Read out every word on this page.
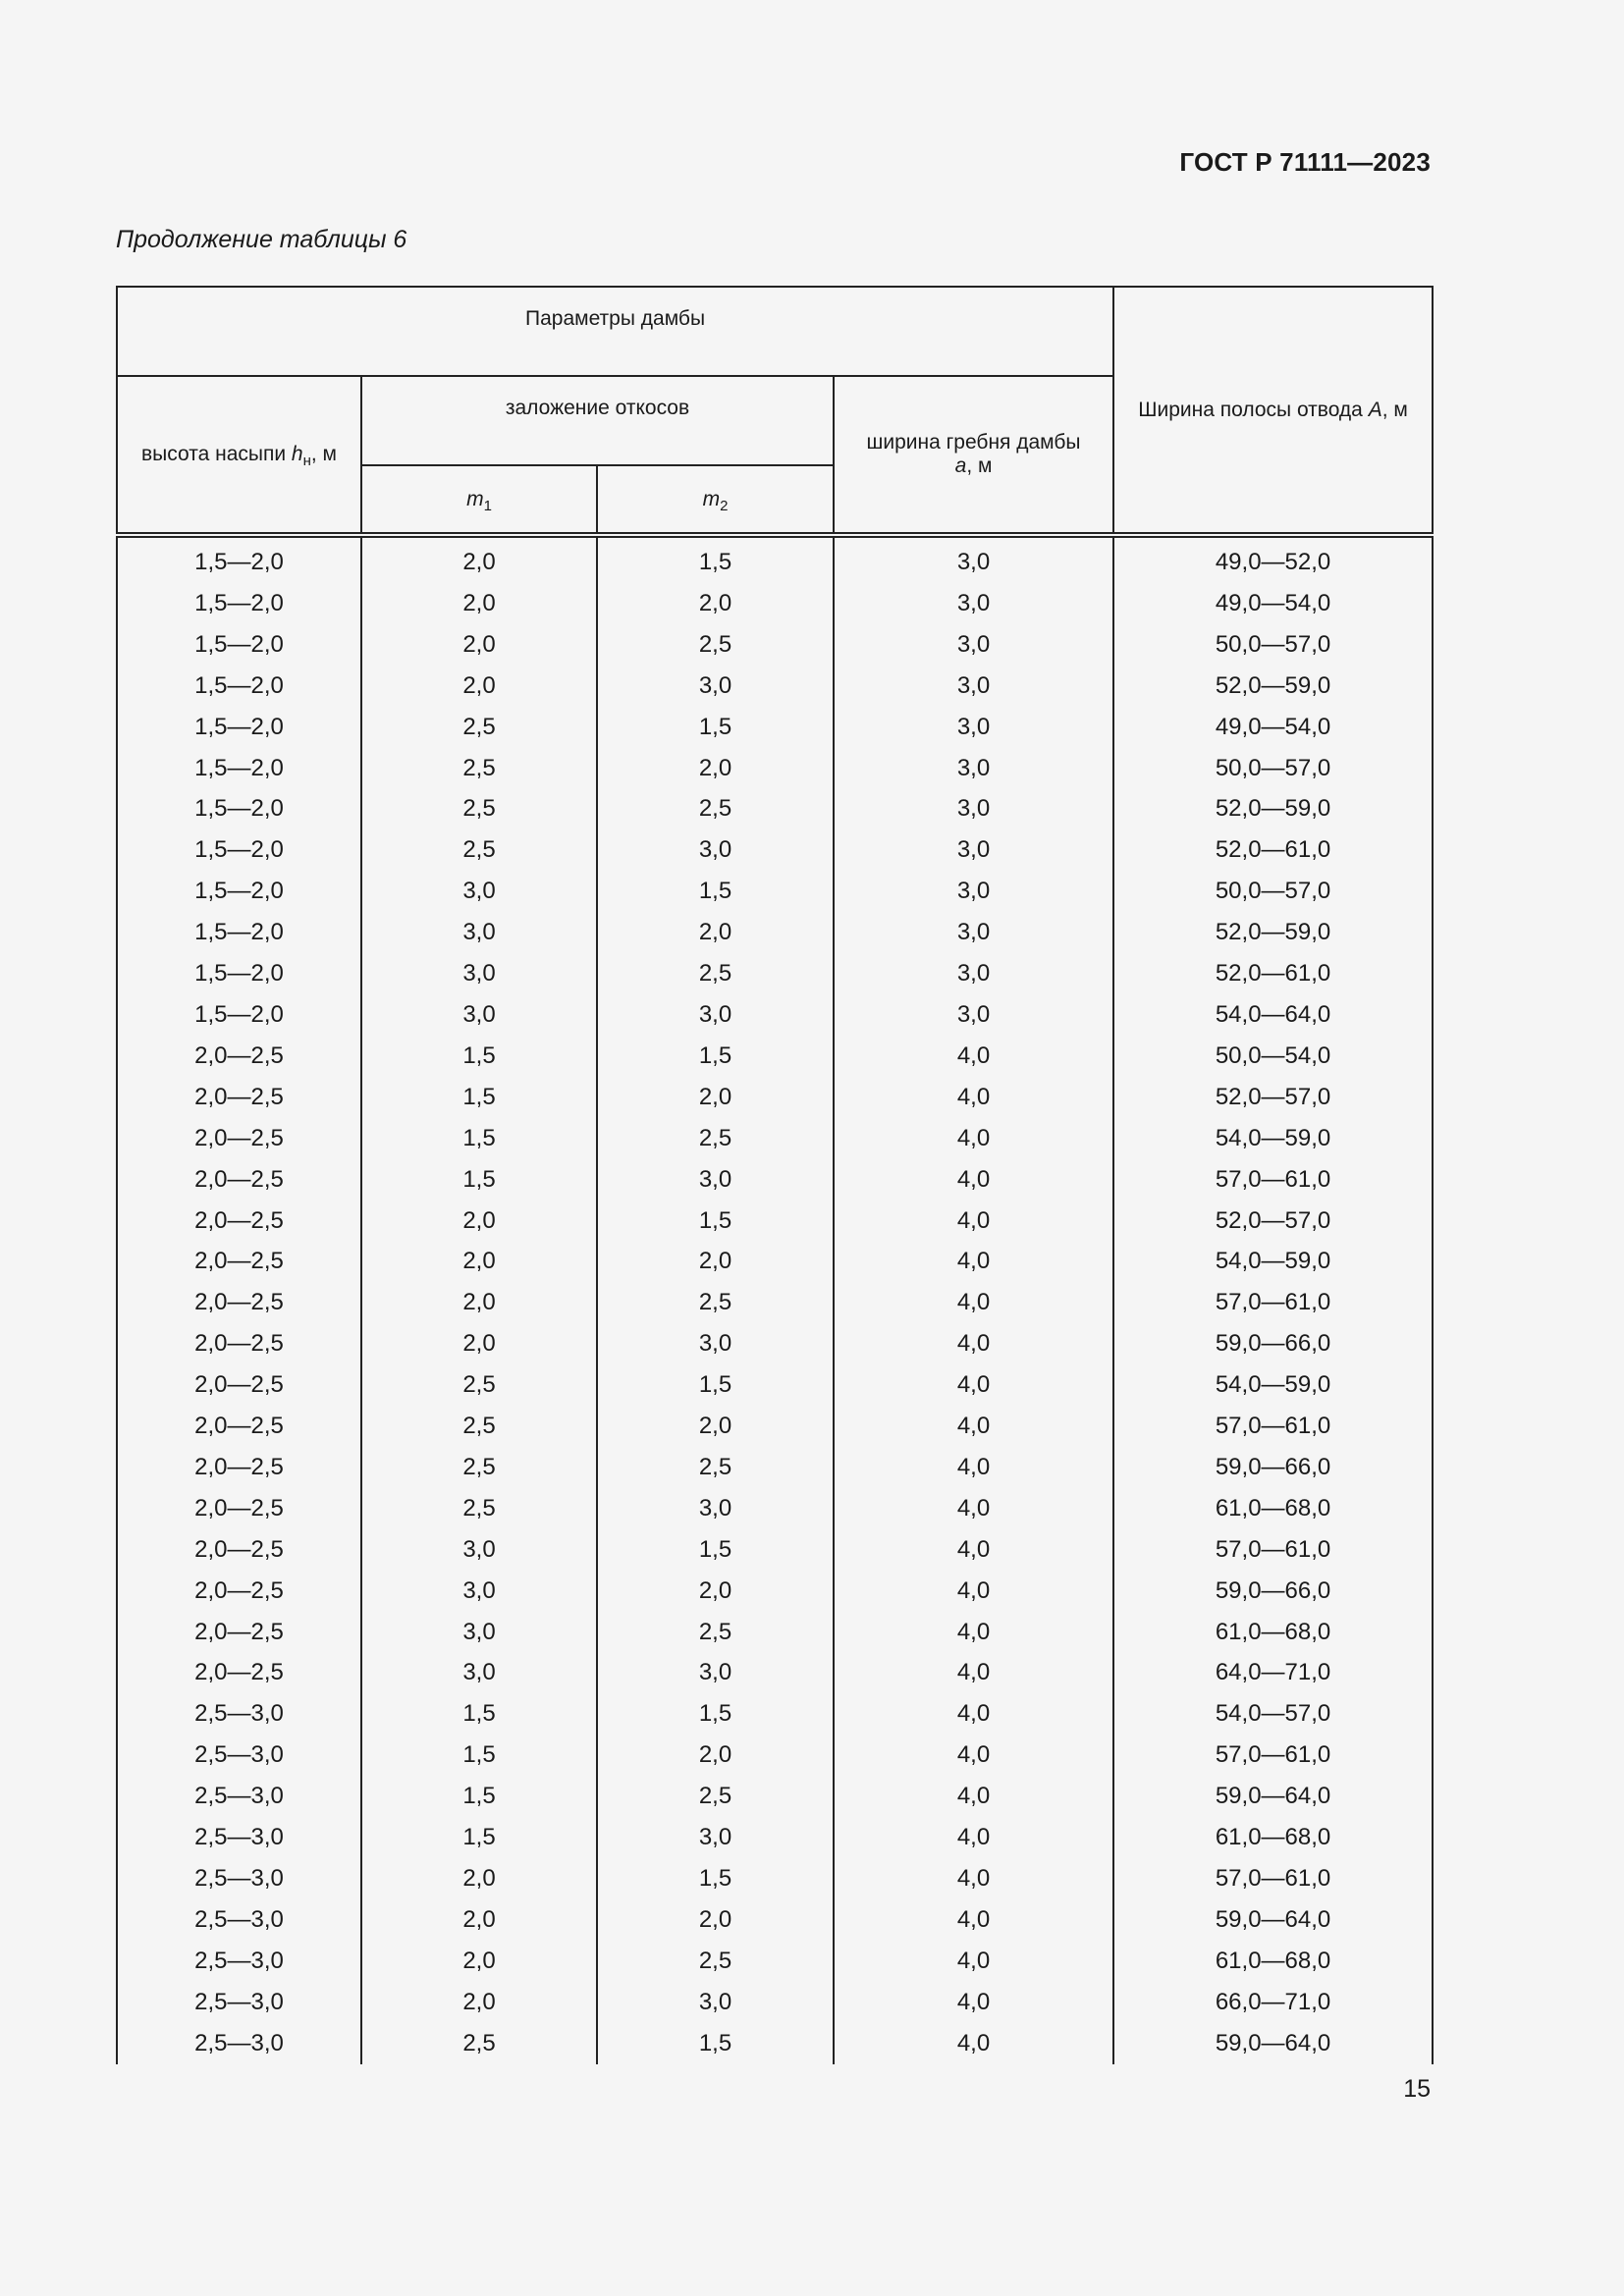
ГОСТ Р 71111—2023
Продолжение таблицы 6
Параметры дамбы				Ширина полосы отвода A, м
высота насыпи $h_н$, м	заложение откосов		ширина гребня дамбы
a, м	
	$m_1$	$m_2$
1,5—2,0	2,0	1,5	3,0	49,0—52,0
1,5—2,0	2,0	2,0	3,0	49,0—54,0
1,5—2,0	2,0	2,5	3,0	50,0—57,0
1,5—2,0	2,0	3,0	3,0	52,0—59,0
1,5—2,0	2,5	1,5	3,0	49,0—54,0
1,5—2,0	2,5	2,0	3,0	50,0—57,0
1,5—2,0	2,5	2,5	3,0	52,0—59,0
1,5—2,0	2,5	3,0	3,0	52,0—61,0
1,5—2,0	3,0	1,5	3,0	50,0—57,0
1,5—2,0	3,0	2,0	3,0	52,0—59,0
1,5—2,0	3,0	2,5	3,0	52,0—61,0
1,5—2,0	3,0	3,0	3,0	54,0—64,0
2,0—2,5	1,5	1,5	4,0	50,0—54,0
2,0—2,5	1,5	2,0	4,0	52,0—57,0
2,0—2,5	1,5	2,5	4,0	54,0—59,0
2,0—2,5	1,5	3,0	4,0	57,0—61,0
2,0—2,5	2,0	1,5	4,0	52,0—57,0
2,0—2,5	2,0	2,0	4,0	54,0—59,0
2,0—2,5	2,0	2,5	4,0	57,0—61,0
2,0—2,5	2,0	3,0	4,0	59,0—66,0
2,0—2,5	2,5	1,5	4,0	54,0—59,0
2,0—2,5	2,5	2,0	4,0	57,0—61,0
2,0—2,5	2,5	2,5	4,0	59,0—66,0
2,0—2,5	2,5	3,0	4,0	61,0—68,0
2,0—2,5	3,0	1,5	4,0	57,0—61,0
2,0—2,5	3,0	2,0	4,0	59,0—66,0
2,0—2,5	3,0	2,5	4,0	61,0—68,0
2,0—2,5	3,0	3,0	4,0	64,0—71,0
2,5—3,0	1,5	1,5	4,0	54,0—57,0
2,5—3,0	1,5	2,0	4,0	57,0—61,0
2,5—3,0	1,5	2,5	4,0	59,0—64,0
2,5—3,0	1,5	3,0	4,0	61,0—68,0
2,5—3,0	2,0	1,5	4,0	57,0—61,0
2,5—3,0	2,0	2,0	4,0	59,0—64,0
2,5—3,0	2,0	2,5	4,0	61,0—68,0
2,5—3,0	2,0	3,0	4,0	66,0—71,0
2,5—3,0	2,5	1,5	4,0	59,0—64,0
15
